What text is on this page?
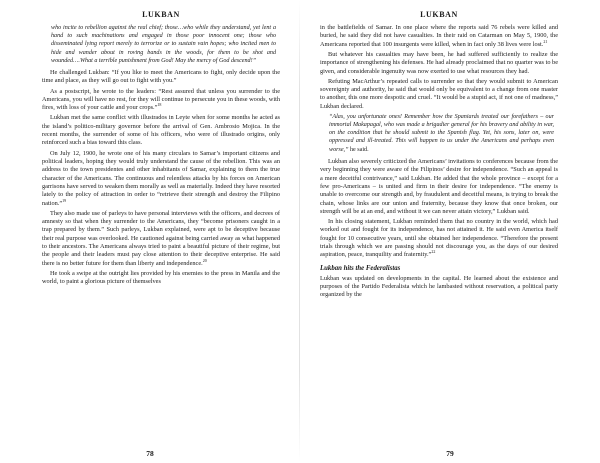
LUKBAN

who incite to rebellion against the real chief; those…who while they understand, yet lent a hand to such machinations and engaged in those poor innocent one; those who disseminated lying report merely to terrorize or to sustain vain hopes; who incited men to hide and wander about in roving bands in the woods, for them to be shot and wounded….What a terrible punishment from God! May the mercy of God descend!”

He challenged Lukban: “If you like to meet the Americans to fight, only decide upon the time and place, as they will go out to fight with you.”

As a postscript, he wrote to the leaders: “Rest assured that unless you surrender to the Americans, you will have no rest, for they will continue to persecute you in these woods, with fires, with loss of your cattle and your crops.”$^{18}$

Lukban met the same conflict with illustrados in Leyte when for some months he acted as the island’s politico-military governor before the arrival of Gen. Ambrosio Mojica. In the recent months, the surrender of some of his officers, who were of illustrado origins, only reinforced such a bias toward this class.

On July 12, 1900, he wrote one of his many circulars to Samar’s important citizens and political leaders, hoping they would truly understand the cause of the rebellion. This was an address to the town presidentes and other inhabitants of Samar, explaining to them the true character of the Americans. The continuous and relentless attacks by his forces on American garrisons have served to weaken them morally as well as materially. Indeed they have resorted lately to the policy of attraction in order to “retrieve their strength and destroy the Filipino nation.”$^{19}$

They also made use of parleys to have personal interviews with the officers, and decrees of amnesty so that when they surrender to the Americans, they “become prisoners caught in a trap prepared by them.” Such parleys, Lukban explained, were apt to be deceptive because their real purpose was overlooked. He cautioned against being carried away as what happened to their ancestors. The Americans always tried to paint a beautiful picture of their regime, but the people and their leaders must pay close attention to their deceptive enterprise. He said there is no better future for them than liberty and independence.$^{20}$

He took a swipe at the outright lies provided by his enemies to the press in Manila and the world, to paint a glorious picture of themselves

78
LUKBAN

in the battlefields of Samar. In one place where the reports said 76 rebels were killed and buried, he said they did not have casualties. In their raid on Catarman on May 5, 1900, the Americans reported that 100 insurgents were killed, when in fact only 38 lives were lost.$^{21}$

But whatever his casualties may have been, he had suffered sufficiently to realize the importance of strengthening his defenses. He had already proclaimed that no quarter was to be given, and considerable ingenuity was now exerted to use what resources they had.

Refuting MacArthur’s repeated calls to surrender so that they would submit to American sovereignty and authority, he said that would only be equivalent to a change from one master to another, this one more despotic and cruel. “It would be a stupid act, if not one of madness,” Lukban declared.

“Alas, you unfortunate ones! Remember how the Spaniards treated our forefathers – our immortal Makapagal, who was made a brigadier general for his bravery and ability in war, on the condition that he should submit to the Spanish flag. Yet, his sons, later on, were oppressed and ill-treated. This will happen to us under the Americans and perhaps even worse,” he said.

Lukban also severely criticized the Americans’ invitations to conferences because from the very beginning they were aware of the Filipinos’ desire for independence. “Such an appeal is a mere deceitful contrivance,” said Lukban. He added that the whole province – except for a few pro-Americans – is united and firm in their desire for independence. “The enemy is unable to overcome our strength and, by fraudulent and deceitful means, is trying to break the chain, whose links are our union and fraternity, because they know that once broken, our strength will be at an end, and without it we can never attain victory,” Lukban said.

In his closing statement, Lukban reminded them that no country in the world, which had worked out and fought for its independence, has not attained it. He said even America itself fought for 10 consecutive years, until she obtained her independence. “Therefore the present trials through which we are passing should not discourage you, as the days of our desired aspiration, peace, tranquility and fraternity.”$^{22}$

Lukban hits the Federalistas

Lukban was updated on developments in the capital. He learned about the existence and purposes of the Partido Federalista which he lambasted without reservation, a political party organized by the

79
